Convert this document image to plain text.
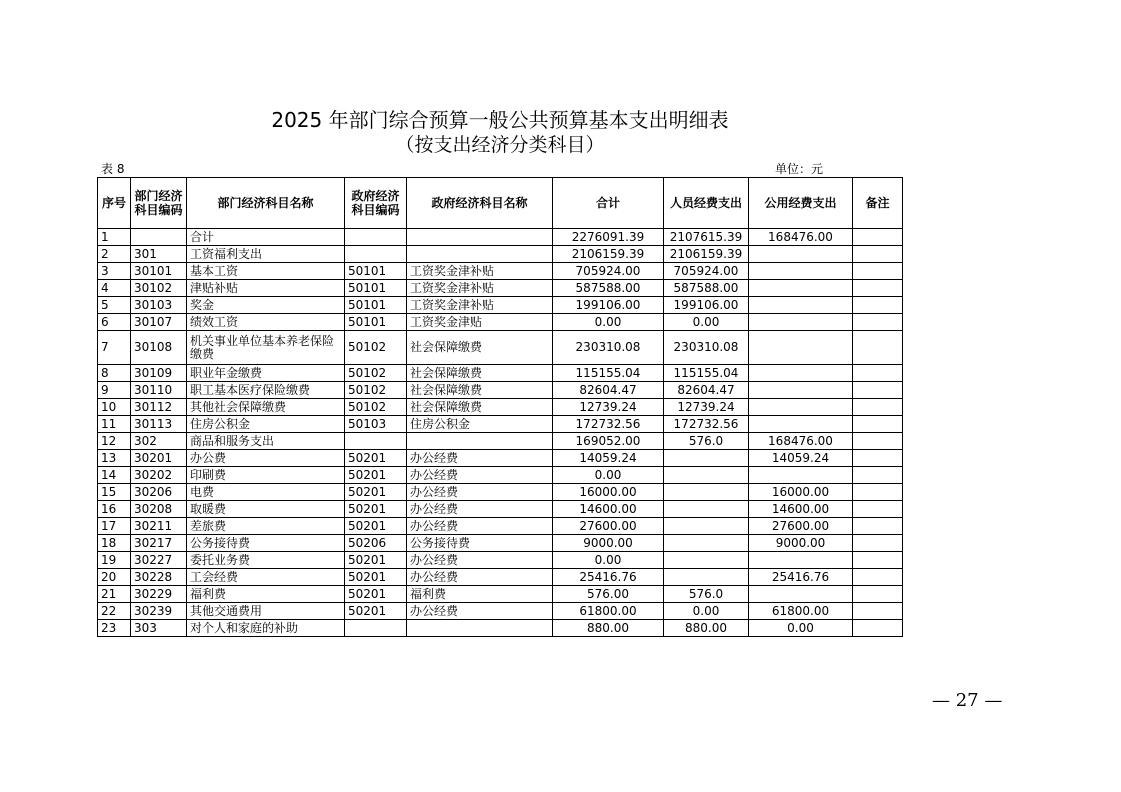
2025 年部门综合预算一般公共预算基本支出明细表
（按支出经济分类科目）
表 8	单位：元
序号	部门经济科目编码	部门经济科目名称	政府经济科目编码	政府经济科目名称	合计	人员经费支出	公用经费支出	备注
1		合计			2276091.39	2107615.39	168476.00	
2	301	工资福利支出			2106159.39	2106159.39		
3	30101	基本工资	50101	工资奖金津补贴	705924.00	705924.00		
4	30102	津贴补贴	50101	工资奖金津补贴	587588.00	587588.00		
5	30103	奖金	50101	工资奖金津补贴	199106.00	199106.00		
6	30107	绩效工资	50101	工资奖金津贴	0.00	0.00		
7	30108	机关事业单位基本养老保险缴费	50102	社会保障缴费	230310.08	230310.08		
8	30109	职业年金缴费	50102	社会保障缴费	115155.04	115155.04		
9	30110	职工基本医疗保险缴费	50102	社会保障缴费	82604.47	82604.47		
10	30112	其他社会保障缴费	50102	社会保障缴费	12739.24	12739.24		
11	30113	住房公积金	50103	住房公积金	172732.56	172732.56		
12	302	商品和服务支出			169052.00	576.0	168476.00	
13	30201	办公费	50201	办公经费	14059.24		14059.24	
14	30202	印刷费	50201	办公经费	0.00			
15	30206	电费	50201	办公经费	16000.00		16000.00	
16	30208	取暖费	50201	办公经费	14600.00		14600.00	
17	30211	差旅费	50201	办公经费	27600.00		27600.00	
18	30217	公务接待费	50206	公务接待费	9000.00		9000.00	
19	30227	委托业务费	50201	办公经费	0.00			
20	30228	工会经费	50201	办公经费	25416.76		25416.76	
21	30229	福利费	50201	福利费	576.00	576.0		
22	30239	其他交通费用	50201	办公经费	61800.00	0.00	61800.00	
23	303	对个人和家庭的补助			880.00	880.00	0.00	
— 27 —
